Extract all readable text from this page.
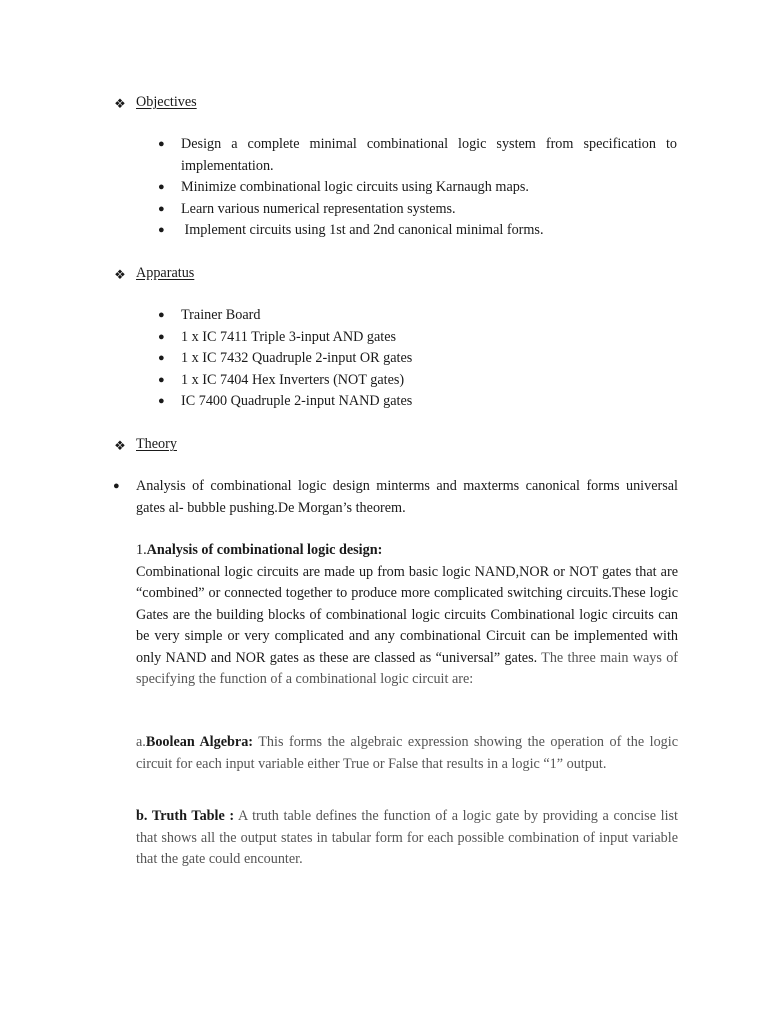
❖ Objectives
●	Design a complete minimal combinational logic system from specification to implementation.
●	Minimize combinational logic circuits using Karnaugh maps.
●	Learn various numerical representation systems.
●	Implement circuits using 1st and 2nd canonical minimal forms.
❖ Apparatus
●	Trainer Board
●	1 x IC 7411 Triple 3-input AND gates
●	1 x IC 7432 Quadruple 2-input OR gates
●	1 x IC 7404 Hex Inverters (NOT gates)
●	IC 7400 Quadruple 2-input NAND gates
❖ Theory
●	Analysis of combinational logic design minterms and maxterms canonical forms universal gates al- bubble pushing.De Morgan’s theorem.
1.Analysis of combinational logic design:
Combinational logic circuits are made up from basic logic NAND,NOR or NOT gates that are “combined” or connected together to produce more complicated switching circuits.These logic Gates are the building blocks of combinational logic circuits Combinational logic circuits can be very simple or very complicated and any combinational Circuit can be implemented with only NAND and NOR gates as these are classed as “universal” gates. The three main ways of specifying the function of a combinational logic circuit are:
a.Boolean Algebra: This forms the algebraic expression showing the operation of the logic circuit for each input variable either True or False that results in a logic “1” output.
b. Truth Table : A truth table defines the function of a logic gate by providing a concise list that shows all the output states in tabular form for each possible combination of input variable that the gate could encounter.
